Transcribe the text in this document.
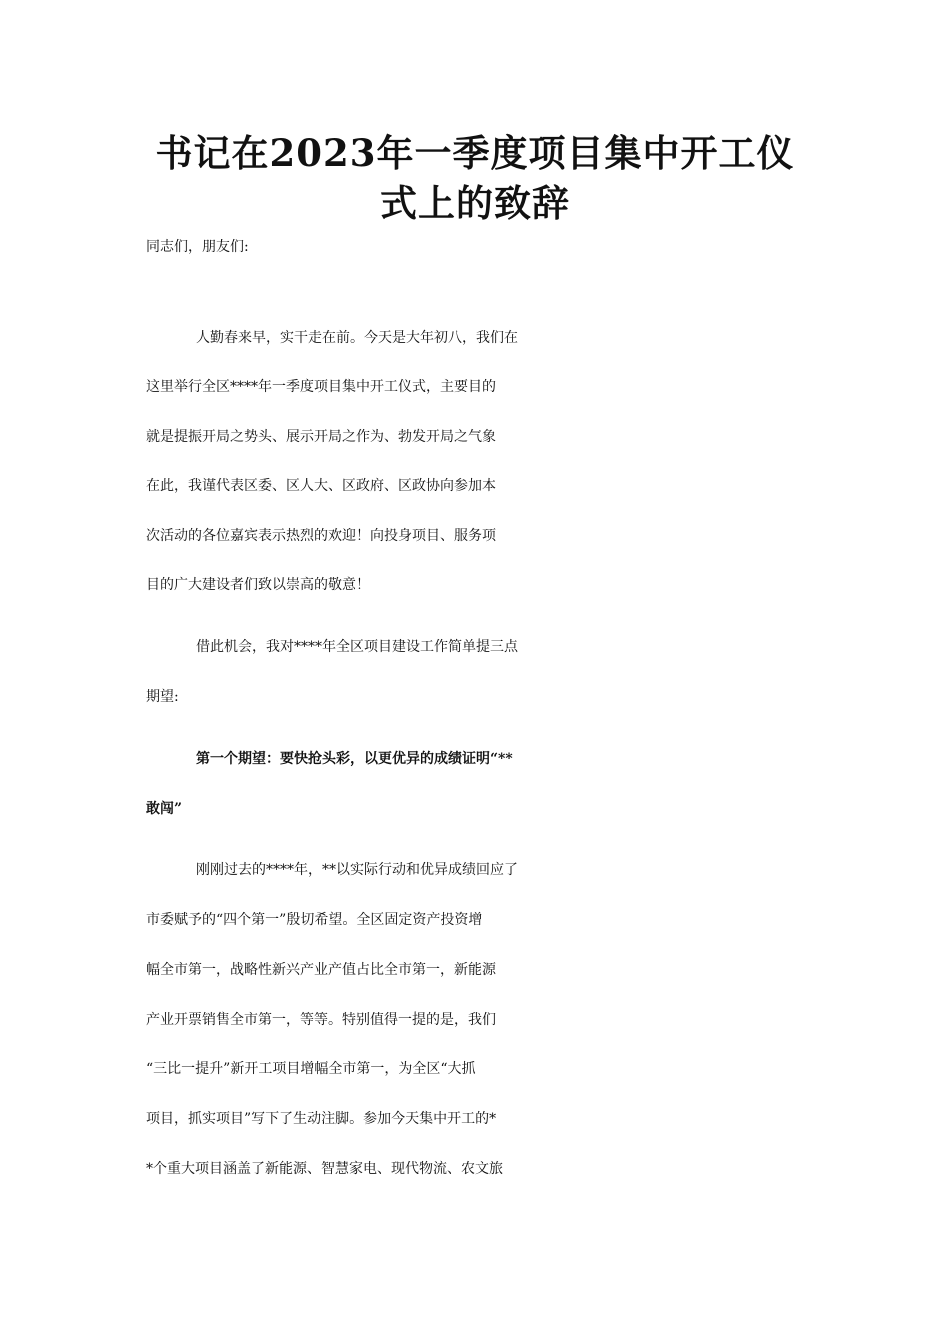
书记在2023年一季度项目集中开工仪式上的致辞

同志们，朋友们:

人勤春来早，实干走在前。今天是大年初八，我们在

这里举行全区****年一季度项目集中开工仪式，主要目的

就是提振开局之势头、展示开局之作为、勃发开局之气象

在此，我谨代表区委、区人大、区政府、区政协向参加本

次活动的各位嘉宾表示热烈的欢迎！向投身项目、服务项

目的广大建设者们致以崇高的敬意！

借此机会，我对****年全区项目建设工作简单提三点

期望:

第一个期望：要快抢头彩，以更优异的成绩证明“**

敢闯”

刚刚过去的****年，**以实际行动和优异成绩回应了

市委赋予的“四个第一”殷切希望。全区固定资产投资增

幅全市第一，战略性新兴产业产值占比全市第一，新能源

产业开票销售全市第一，等等。特别值得一提的是，我们

“三比一提升”新开工项目增幅全市第一，为全区“大抓

项目，抓实项目”写下了生动注脚。参加今天集中开工的*

*个重大项目涵盖了新能源、智慧家电、现代物流、农文旅
